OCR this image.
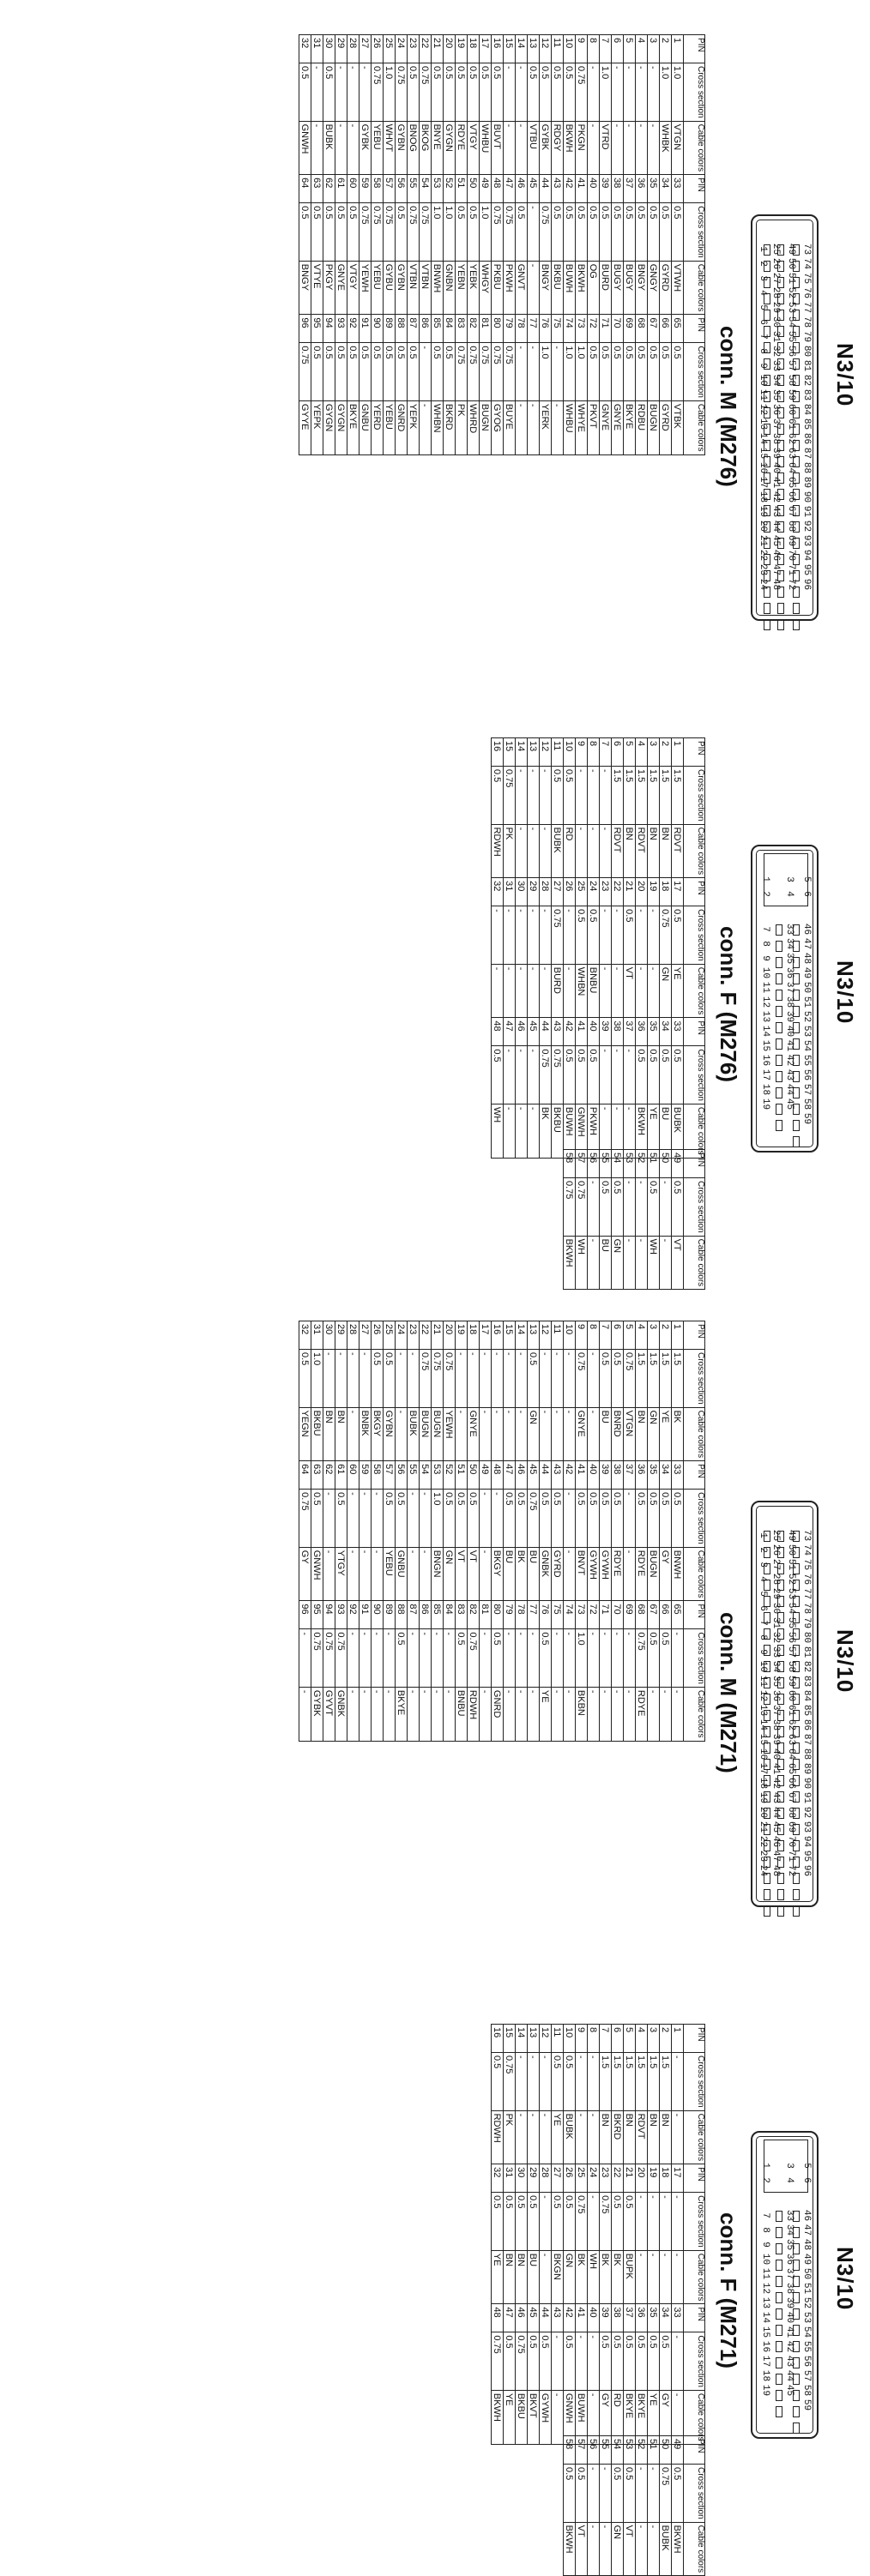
N3/10
73
74
75
76
77
78
79
80
81
82
83
84
85
86
87
88
89
90
91
92
93
94
95
96
49
50
51
52
53
54
55
56
57
58
59
60
61
62
63
64
65
66
67
68
69
70
71
72
25
26
27
28
29
30
31
32
33
34
35
36
37
38
39
40
41
42
43
44
45
46
47
48
1
2
3
4
5
6
7
8
9
10
11
12
13
14
15
16
17
18
19
20
21
22
23
24
conn. M (M276)
PIN	Cross section	Cable colors	PIN	Cross section	Cable colors	PIN	Cross section	Cable colors
1	1.0	VTGN	33	0.5	VTWH	65	0.5	VTBK
2	1.0	WHBK	34	0.5	GYRD	66	0.5	GYRD
3	-	-	35	0.5	GNGY	67	0.5	BUGN
4	-	-	36	0.5	BNGY	68	0.5	RDBU
5	-	-	37	0.5	BUGY	69	0.5	BKYE
6	-	-	38	0.5	BUGY	70	0.5	GNYE
7	1.0	VTRD	39	0.5	BURD	71	0.5	GNYE
8	-	-	40	0.5	OG	72	0.5	PKVT
9	0.75	PKGN	41	0.5	BKWH	73	1.0	WHYE
10	0.5	BKWH	42	0.5	BUWH	74	1.0	WHBU
11	0.5	RDGY	43	0.5	BKBU	75	-	-
12	0.5	GYBK	44	0.75	BNGY	76	1.0	YERK
13	0.5	VTBU	45	-	-	77	-	-
14	-	-	46	0.5	GNVT	78	-	-
15	-	-	47	0.75	PKWH	79	0.75	BUYE
16	0.5	BUVT	48	0.75	PKBU	80	0.75	GYOG
17	0.5	WHBU	49	1.0	WHGY	81	0.75	BUGN
18	0.5	VTGY	50	0.5	YEBK	82	0.75	WHRD
19	0.5	RDYE	51	0.5	YEBN	83	0.75	PK
20	0.5	GYGN	52	1.0	GNBN	84	0.5	BKRD
21	0.5	BNYE	53	1.0	BNWH	85	0.5	WHBN
22	0.75	BKOG	54	0.75	VTBN	86	-	-
23	0.5	BNOG	55	0.75	VTBN	87	0.5	YEPK
24	0.75	GYBN	56	0.5	GYBN	88	0.5	GNRD
25	1.0	WHVT	57	0.75	GYBU	89	0.5	YEBU
26	0.75	YEBU	58	0.75	YEBU	90	0.5	YERD
27	-	GYBK	59	0.75	YEWH	91	0.5	GNBU
28	-	-	60	0.5	VTGY	92	0.5	BKYE
29	-	-	61	0.5	GNYE	93	0.5	GYGN
30	0.5	BUBK	62	0.5	PKGY	94	0.5	GYGN
31	-	-	63	0.5	VTYE	95	0.5	YEPK
32	0.5	GNWH	64	0.5	BNGY	96	0.75	GYYE
N3/10
46
47
48
49
50
51
52
53
54
55
56
57
58
59
33
34
35
36
37
38
39
40
41
42
43
44
45
7
8
9
10
11
12
13
14
15
16
17
18
19
5
6
3
4
1
2
conn. F (M276)
PIN	Cross section	Cable colors	PIN	Cross section	Cable colors	PIN	Cross section	Cable colors
1	1.5	RDVT	17	0.5	YE	33	0.5	BUBK
2	1.5	BN	18	0.75	GN	34	0.5	BU
3	1.5	BN	19	-	-	35	0.5	YE
4	1.5	RDVT	20	-	-	36	0.5	BKWH
5	1.5	BN	21	0.5	VT	37	-	-
6	1.5	RDVT	22	-	-	38	-	-
7	-	-	23	-	-	39	-	-
8	-	-	24	0.5	BNBU	40	0.5	PKWH
9	-	-	25	0.5	WHBN	41	0.5	GNWH
10	0.5	RD	26	-	-	42	0.5	BUWH
11	0.5	BUBK	27	0.75	BURD	43	0.75	BKBU
12	-	-	28	-	-	44	0.75	BK
13	-	-	29	-	-	45	-	-
14	-	-	30	-	-	46	-	-
15	0.75	PK	31	-	-	47	-	-
16	0.5	RDWH	32	-	-	48	0.5	WH
PIN	Cross section	Cable colors
49	0.5	VT
50	-	-
51	0.5	WH
52	-	-
53	-	-
54	0.5	GN
55	0.5	BU
56	-	-
57	0.75	WH
58	0.75	BKWH
N3/10
73
74
75
76
77
78
79
80
81
82
83
84
85
86
87
88
89
90
91
92
93
94
95
96
49
50
51
52
53
54
55
56
57
58
59
60
61
62
63
64
65
66
67
68
69
70
71
72
25
26
27
28
29
30
31
32
33
34
35
36
37
38
39
40
41
42
43
44
45
46
47
48
1
2
3
4
5
6
7
8
9
10
11
12
13
14
15
16
17
18
19
20
21
22
23
24
conn. M (M271)
PIN	Cross section	Cable colors	PIN	Cross section	Cable colors	PIN	Cross section	Cable colors
1	1.5	BK	33	0.5	BNWH	65	-	-
2	1.5	YE	34	0.5	GY	66	0.5	-
3	1.5	GN	35	0.5	BUGN	67	0.5	-
4	1.5	BN	36	0.5	RDYE	68	0.75	RDYE
5	0.75	VTGN	37	-	-	69	-	-
6	0.5	BNRD	38	0.5	RDYE	70	-	-
7	0.5	BU	39	0.5	GYWH	71	-	-
8	-	-	40	0.5	GYWH	72	-	-
9	0.75	GNYE	41	0.5	BNVT	73	1.0	BKBN
10	-	-	42	-	-	74	-	-
11	-	-	43	0.5	GYRD	75	-	-
12	-	-	44	0.5	GNBK	76	0.5	YE
13	0.5	GN	45	0.75	BU	77	-	-
14	-	-	46	0.5	BK	78	-	-
15	-	-	47	0.5	BU	79	-	-
16	-	-	48	-	BKGY	80	0.5	GNRD
17	-	-	49	-	-	81	-	-
18	-	GNYE	50	0.5	VT	82	0.75	RDWH
19	-	-	51	0.5	VT	83	0.5	BNBU
20	0.75	YEWH	52	0.5	GN	84	-	-
21	0.75	BUGN	53	1.0	BNGN	85	-	-
22	0.75	BUGN	54	-	-	86	-	-
23	-	BUBK	55	-	-	87	-	-
24	-	-	56	0.5	GNBU	88	0.5	BKYE
25	0.5	GYBN	57	0.5	YEBU	89	-	-
26	0.5	BKGY	58	-	-	90	-	-
27	-	BNBK	59	-	-	91	-	-
28	-	-	60	-	-	92	-	-
29	-	BN	61	0.5	YTGY	93	0.75	GNBK
30	-	BN	62	-	-	94	0.75	GYVT
31	1.0	BKBU	63	0.5	GNWH	95	0.75	GYBK
32	0.5	YEGN	64	0.75	GY	96	-	-
N3/10
46
47
48
49
50
51
52
53
54
55
56
57
58
59
33
34
35
36
37
38
39
40
41
42
43
44
45
7
8
9
10
11
12
13
14
15
16
17
18
19
5
6
3
4
1
2
conn. F (M271)
PIN	Cross section	Cable colors	PIN	Cross section	Cable colors	PIN	Cross section	Cable colors
1	-	-	17	-	-	33	-	-
2	1.5	BN	18	-	-	34	0.5	GY
3	1.5	BN	19	-	-	35	0.5	YE
4	1.5	RDVT	20	-	-	36	0.5	BKYE
5	1.5	BN	21	0.5	BUPK	37	0.5	BKYE
6	1.5	BKRD	22	0.5	BK	38	0.5	RD
7	1.5	BN	23	0.75	BK	39	0.5	GY
8	-	-	24	-	WH	40	-	-
9	-	-	25	0.75	BK	41	-	BUWH
10	0.5	BUBK	26	0.5	GN	42	0.5	GNWH
11	0.5	YE	27	0.5	BKGN	43	-	-
12	-	-	28	-	-	44	0.5	GYWH
13	-	-	29	0.5	BU	45	0.5	BKVT
14	-	-	30	0.5	BN	46	0.75	BKBU
15	0.75	PK	31	0.5	BN	47	0.5	YE
16	0.5	RDWH	32	0.5	YE	48	0.75	BKWH
PIN	Cross section	Cable colors
49	0.5	BKWH
50	0.75	BUBK
51	-	-
52	-	-
53	0.5	VT
54	0.5	GN
55	-	-
56	-	-
57	0.5	VT
58	0.5	BKWH
